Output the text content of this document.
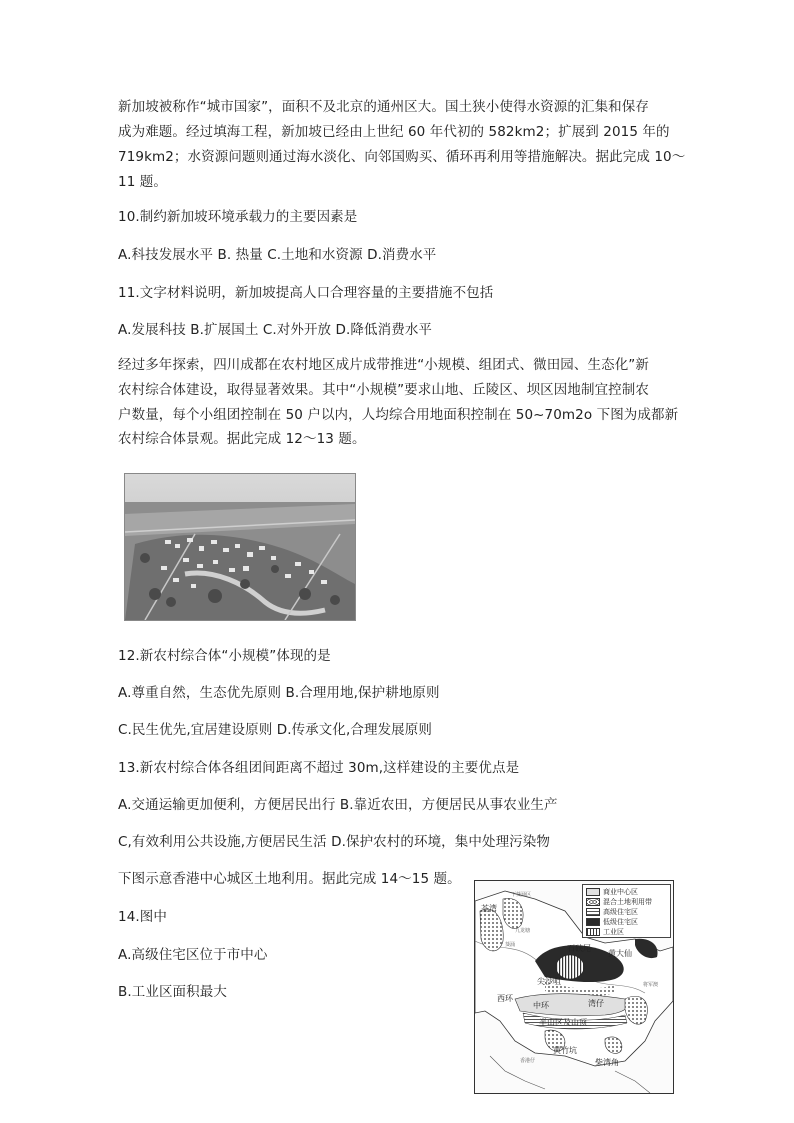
新加坡被称作“城市国家”，面积不及北京的通州区大。国土狭小使得水资源的汇集和保存
成为难题。经过填海工程，新加坡已经由上世纪 60 年代初的 582km2；扩展到 2015 年的
719km2；水资源问题则通过海水淡化、向邻国购买、循环再利用等措施解决。据此完成 10～
11 题。
10.制约新加坡环境承载力的主要因素是
A.科技发展水平 B. 热量 C.土地和水资源 D.消费水平
11.文字材料说明，新加坡提高人口合理容量的主要措施不包括
A.发展科技 B.扩展国土 C.对外开放 D.降低消费水平
经过多年探索，四川成都在农村地区成片成带推进“小规模、组团式、微田园、生态化”新
农村综合体建设，取得显著效果。其中“小规模”要求山地、丘陵区、坝区因地制宜控制农
户数量，每个小组团控制在 50 户以内，人均综合用地面积控制在 50~70m2o 下图为成都新
农村综合体景观。据此完成 12～13 题。
12.新农村综合体“小规模”体现的是
A.尊重自然，生态优先原则 B.合理用地,保护耕地原则
C.民生优先,宜居建设原则 D.传承文化,合理发展原则
13.新农村综合体各组团间距离不超过 30m,这样建设的主要优点是
A.交通运输更加便利，方便居民出行 B.靠近农田，方便居民从事农业生产
C,有效利用公共设施,方便居民生活 D.保护农村的环境，集中处理污染物
下图示意香港中心城区土地利用。据此完成 14～15 题。
14.图中
A.高级住宅区位于市中心
B.工业区面积最大
商业中心区
混合土地利用带
高级住宅区
低级住宅区
工业区
荃湾
下葵涌区
九龙塘
葵涌	石硖尾
黄大仙
将军澳
尖沙咀
西环
中环	湾仔
半山区及山顶
黄竹坑
香港仔	柴湾角
